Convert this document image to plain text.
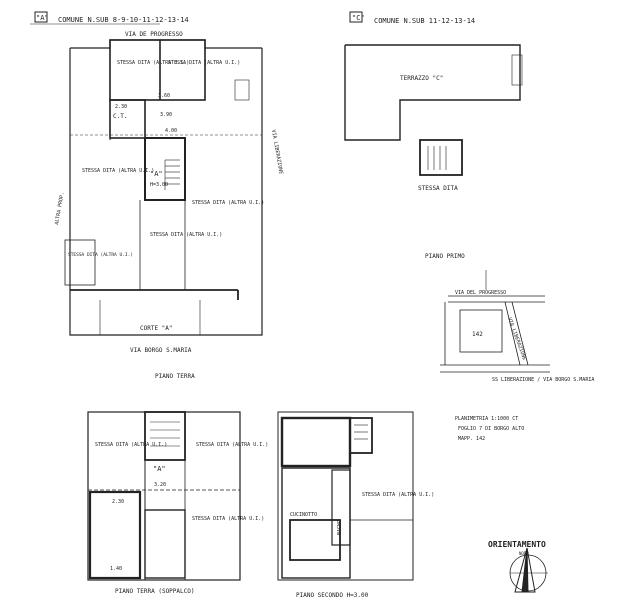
"A" COMUNE N.SUB 8-9-10-11-12-13-14	"C" COMUNE N.SUB 11-12-13-14
VIA DE PROGRESSO
STESSA DITA (ALTRA U.I.)
STESSA DITA (ALTRA U.I.)
C.T.
2.30
3.60
3.90
4.00
"A"
H=3.00
STESSA DITA (ALTRA U.I.)
STESSA DITA (ALTRA U.I.)
STESSA DITA (ALTRA U.I.)
STESSA DITA (ALTRA U.I.)
ALTRA PROP.
VIA LIBERAZIONE
CORTE "A"
VIA BORGO S.MARIA
PIANO TERRA
TERRAZZO "C"
STESSA DITA
PIANO PRIMO
VIA DEL PROGRESSO
VIA LIBERAZIONE
142
SS LIBERAZIONE / VIA BORGO S.MARIA
PLANIMETRIA 1:1000 CT
FOGLIO 7 DI BORGO ALTO
MAPP. 142
STESSA DITA (ALTRA U.I.)
STESSA DITA (ALTRA U.I.)
STESSA DITA (ALTRA U.I.)
"A"
3.20
2.30
1.40
PIANO TERRA (SOPPALCO)
CUCINOTTO
BAGNO
STESSA DITA (ALTRA U.I.)
PIANO SECONDO H=3.00
ORIENTAMENTO
NORD
